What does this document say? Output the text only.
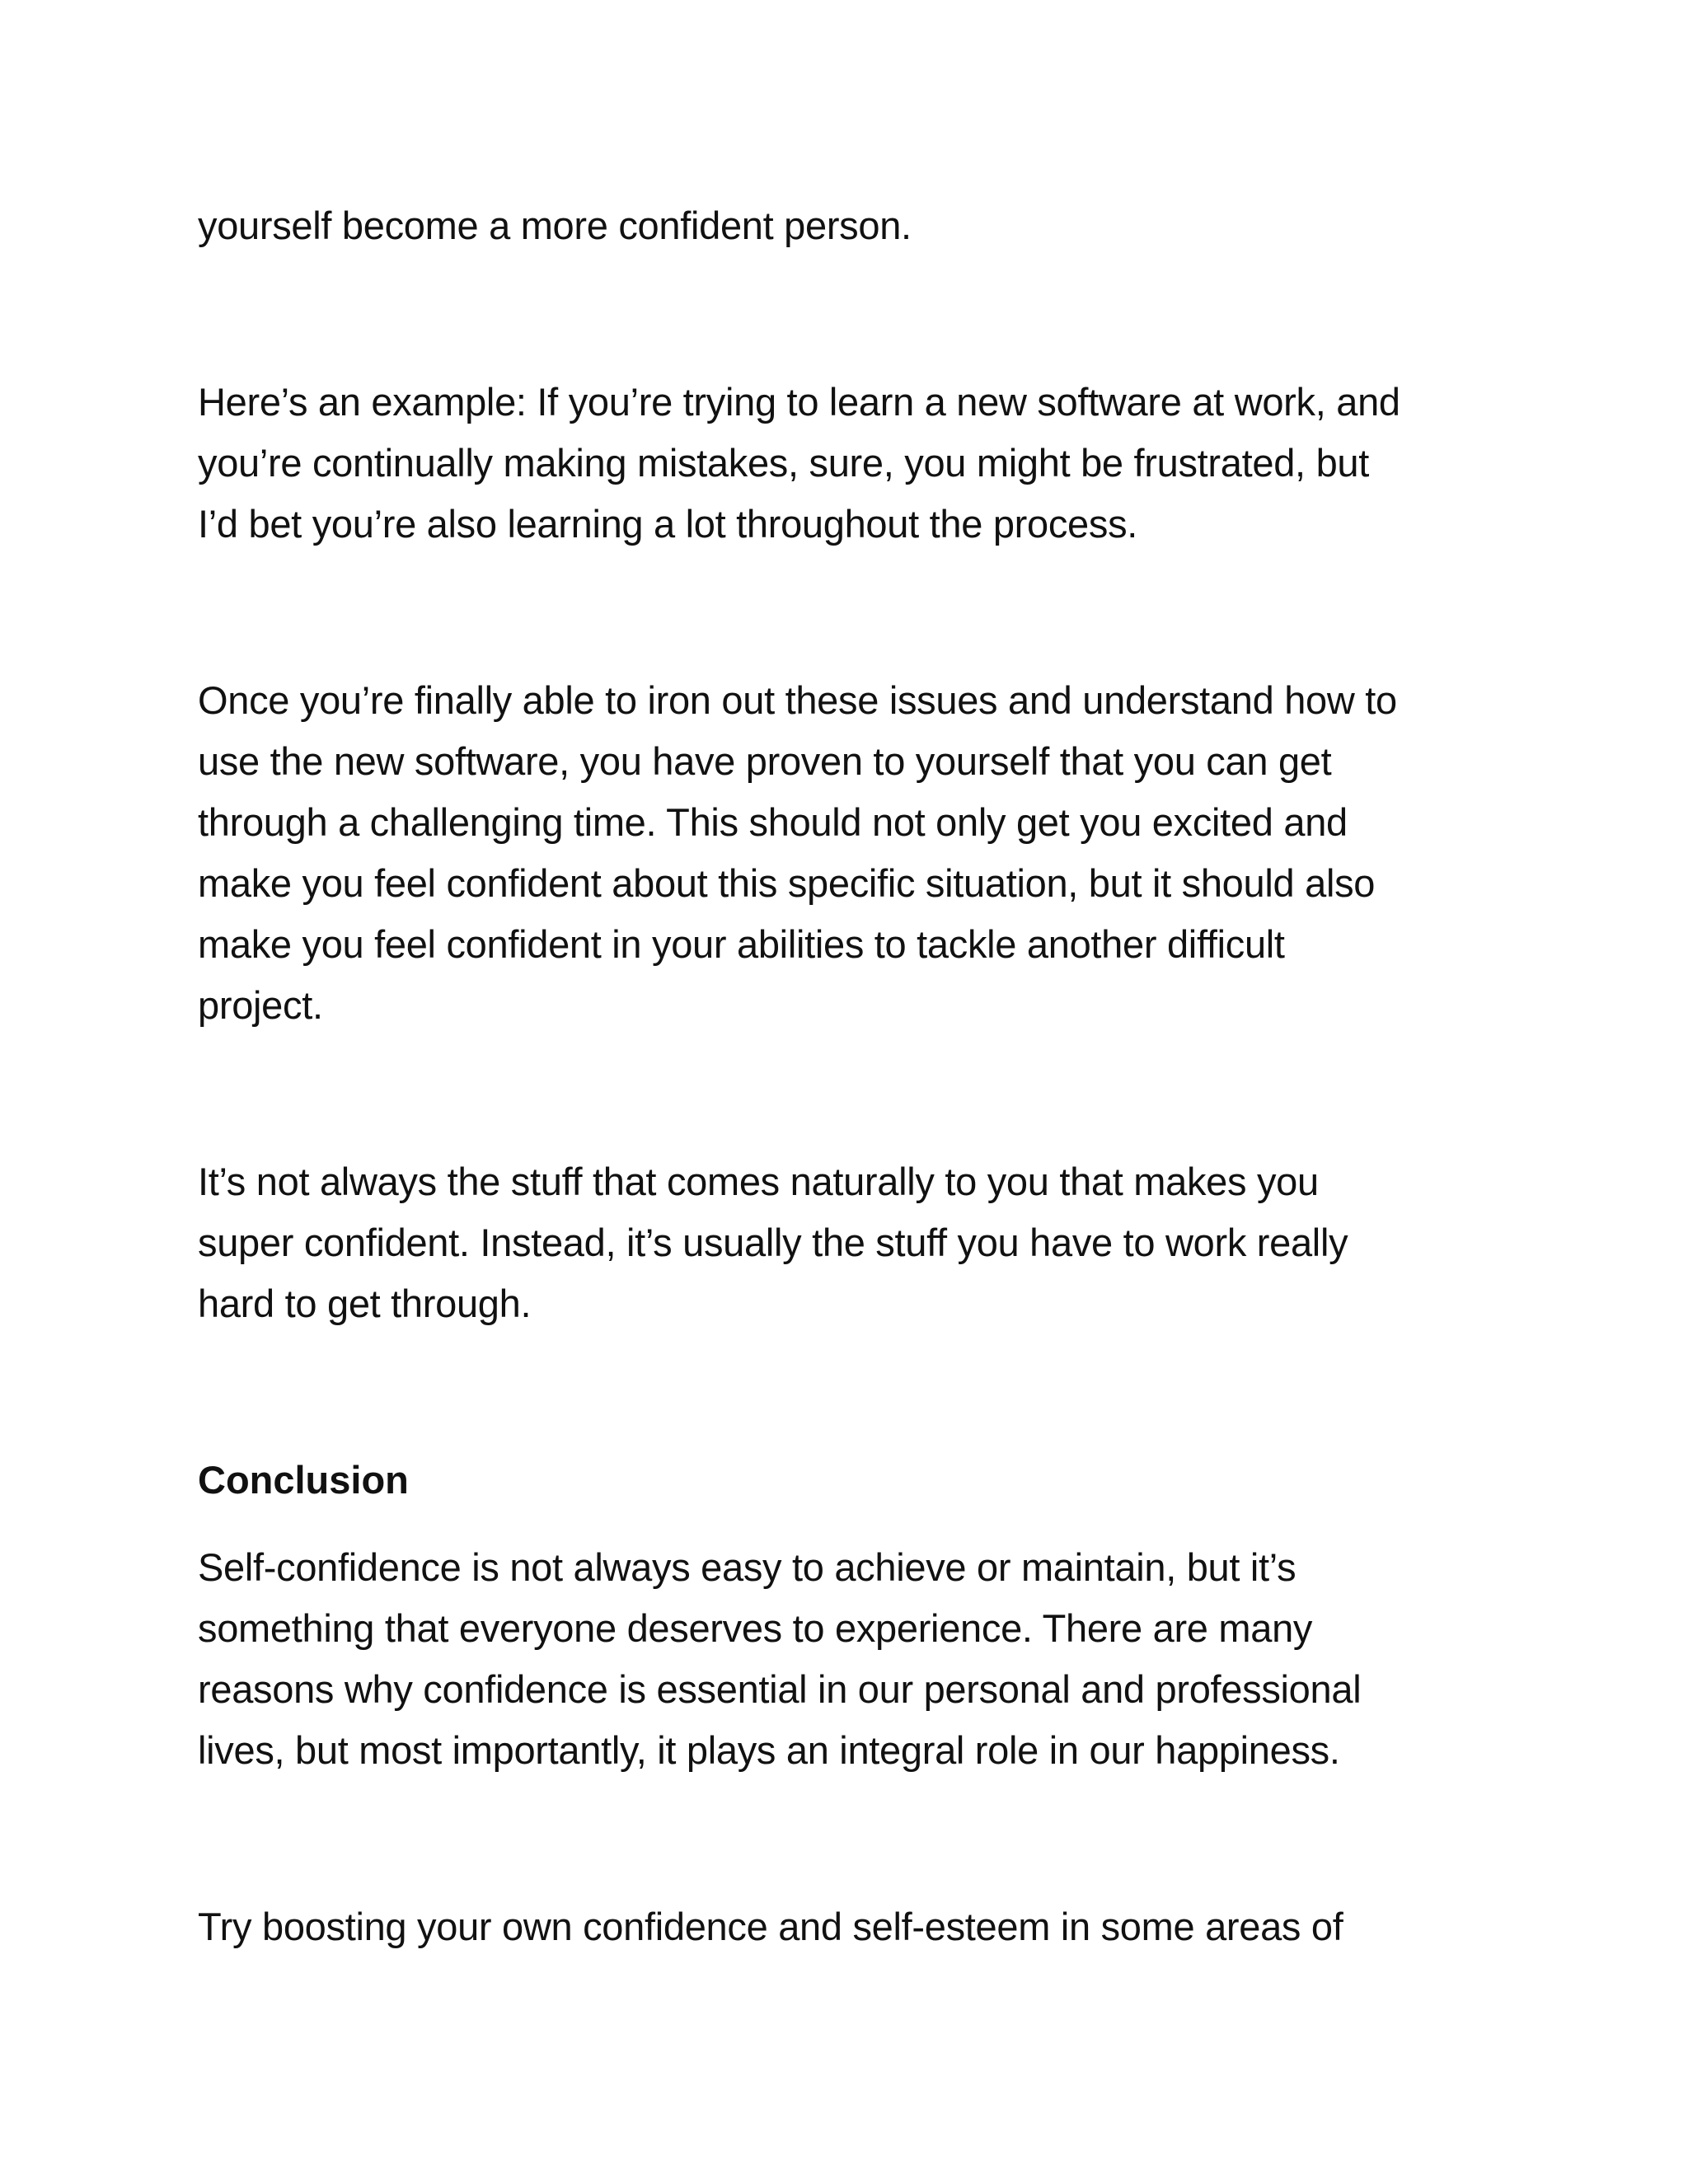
yourself become a more confident person.
Here’s an example: If you’re trying to learn a new software at work, and
you’re continually making mistakes, sure, you might be frustrated, but
I’d bet you’re also learning a lot throughout the process.
Once you’re finally able to iron out these issues and understand how to
use the new software, you have proven to yourself that you can get
through a challenging time. This should not only get you excited and
make you feel confident about this specific situation, but it should also
make you feel confident in your abilities to tackle another difficult
project.
It’s not always the stuff that comes naturally to you that makes you
super confident. Instead, it’s usually the stuff you have to work really
hard to get through.
Conclusion
Self-confidence is not always easy to achieve or maintain, but it’s
something that everyone deserves to experience. There are many
reasons why confidence is essential in our personal and professional
lives, but most importantly, it plays an integral role in our happiness.
Try boosting your own confidence and self-esteem in some areas of
